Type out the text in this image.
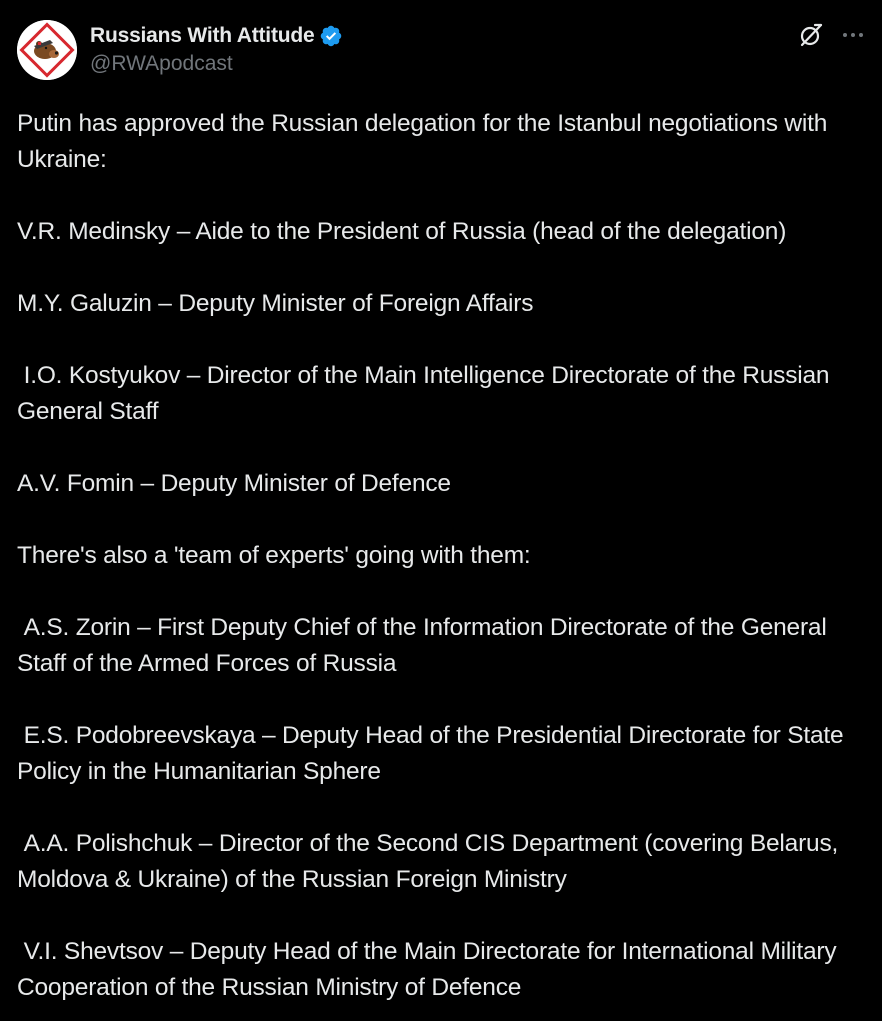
Russians With Attitude
@RWApodcast

Putin has approved the Russian delegation for the Istanbul negotiations with Ukraine:

V.R. Medinsky – Aide to the President of Russia (head of the delegation)

M.Y. Galuzin – Deputy Minister of Foreign Affairs

I.O. Kostyukov – Director of the Main Intelligence Directorate of the Russian General Staff

A.V. Fomin – Deputy Minister of Defence

There's also a 'team of experts' going with them:

A.S. Zorin – First Deputy Chief of the Information Directorate of the General Staff of the Armed Forces of Russia

E.S. Podobreevskaya – Deputy Head of the Presidential Directorate for State Policy in the Humanitarian Sphere

A.A. Polishchuk – Director of the Second CIS Department (covering Belarus, Moldova & Ukraine) of the Russian Foreign Ministry

V.I. Shevtsov – Deputy Head of the Main Directorate for International Military Cooperation of the Russian Ministry of Defence
